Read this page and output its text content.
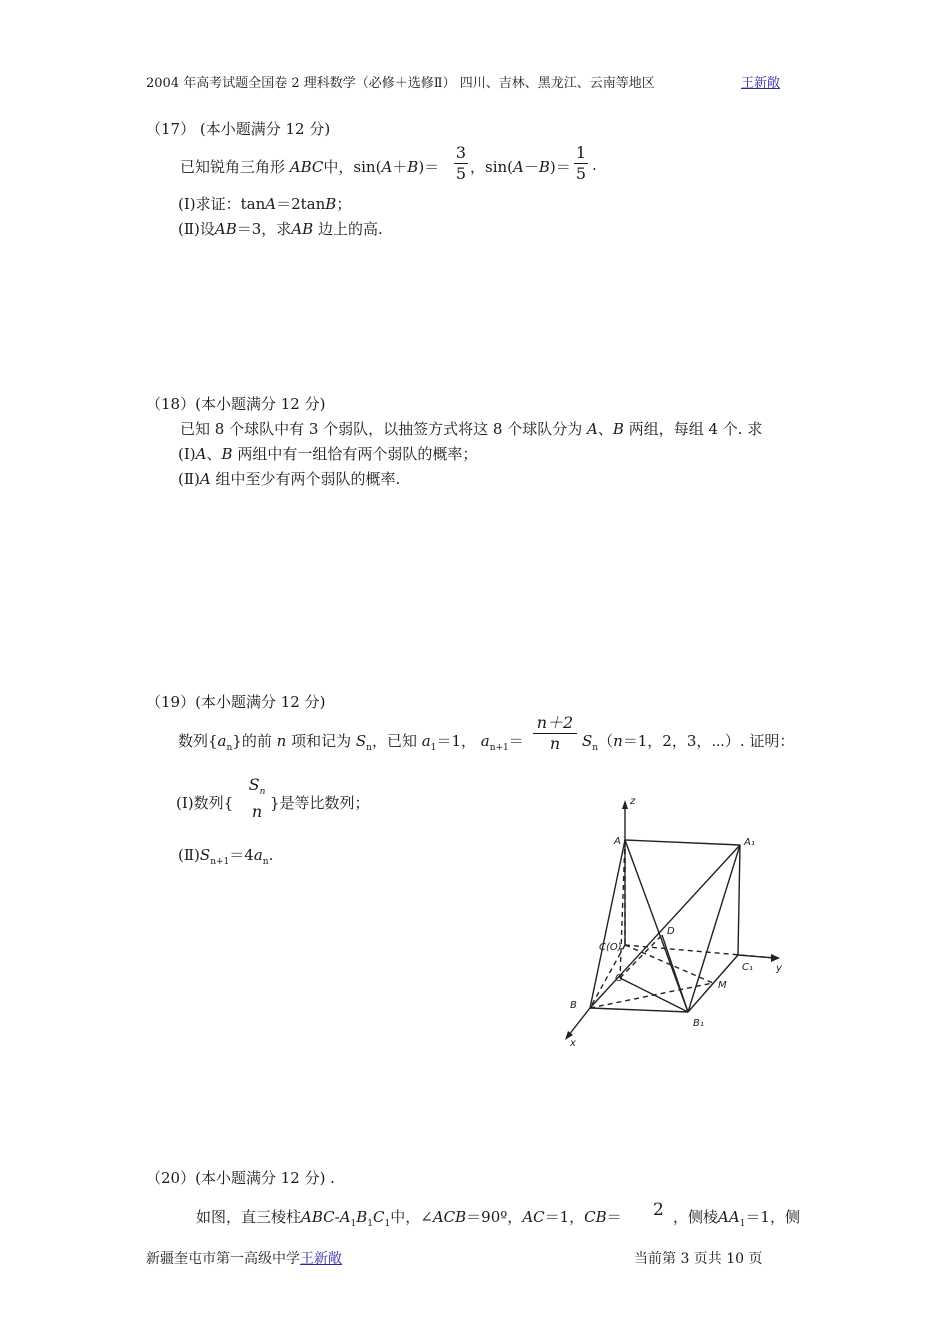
2004 年高考试题全国卷 2 理科数学（必修＋选修Ⅱ） 四川、吉林、黑龙江、云南等地区	王新敞
（17） (本小题满分 12 分)
已知锐角三角形 ABC中，sin(A＋B)＝
3
5 ，sin(A－B)＝
1
5 .
(Ⅰ)求证：tanA＝2tanB；
(Ⅱ)设AB＝3，求AB 边上的高.
（18）(本小题满分 12 分)
已知 8 个球队中有 3 个弱队，以抽签方式将这 8 个球队分为 A、B 两组，每组 4 个. 求
(Ⅰ)A、B 两组中有一组恰有两个弱队的概率；
(Ⅱ)A 组中至少有两个弱队的概率.
（19）(本小题满分 12 分)
数列$\{a_n\}$的前 n 项和记为 $S_n$，已知 $a_1=1$， $a_{n+1}=$
n＋2
n	$S_n(n=1$，2，3，⋯）. 证明：
(Ⅰ)数列{
$S_n$
n }是等比数列；
$(Ⅱ)S_{n+1}=4a_n$.
z
y
x
A	A₁
C(O)
C₁
B
B₁
D
G
M
（20）(本小题满分 12 分) .
如图，直三棱柱ABC-$A_1B_1C_1$中，∠ACB＝90º，AC＝1，CB＝ 2 ，侧棱$AA_1=1$，侧
新疆奎屯市第一高级中学王新敞	当前第 3 页共 10 页
